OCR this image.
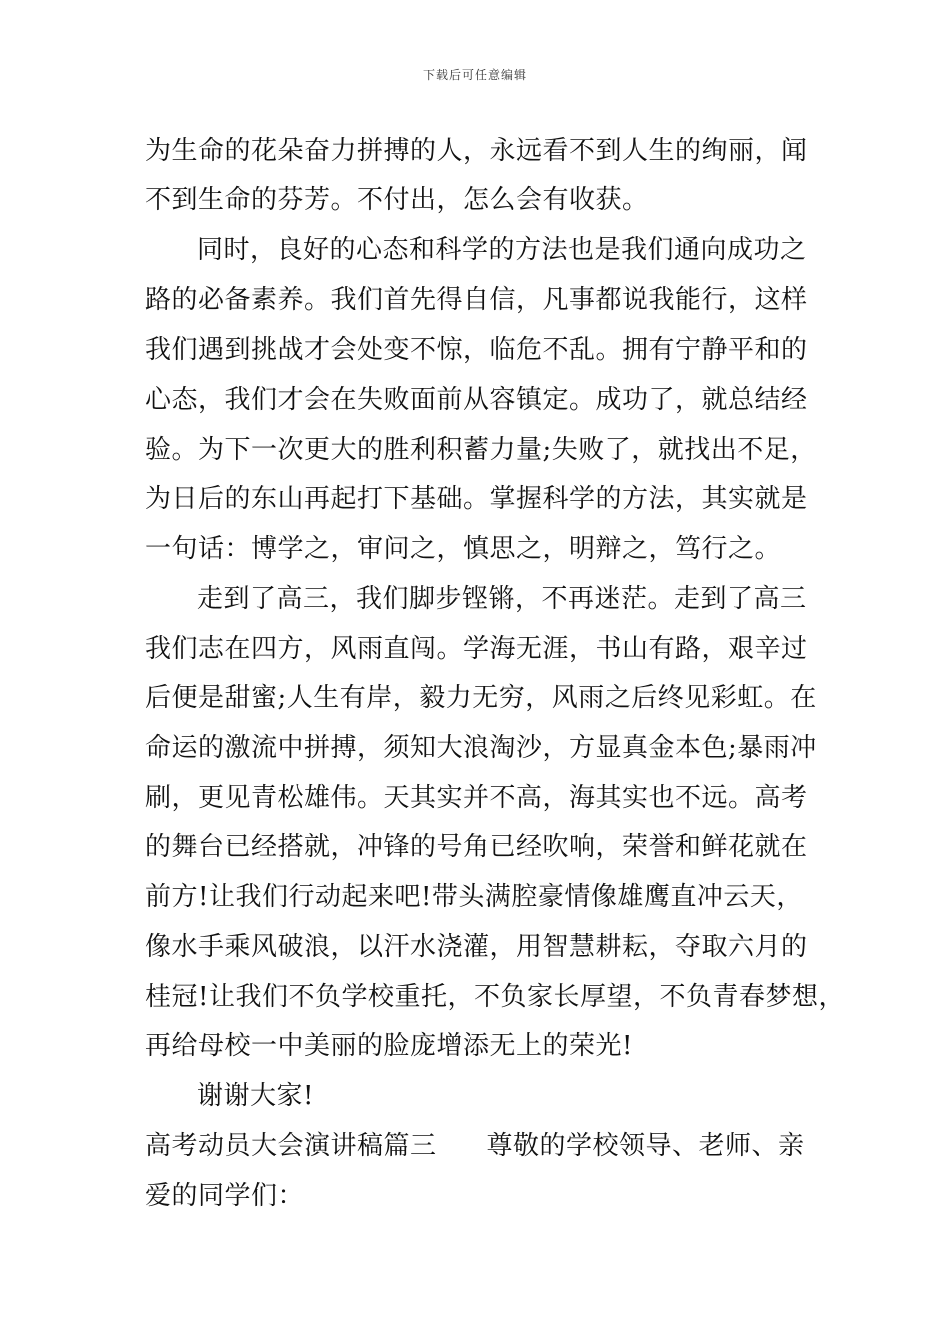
下载后可任意编辑
为生命的花朵奋力拼搏的人，永远看不到人生的绚丽，闻
不到生命的芬芳。不付出，怎么会有收获。
同时，良好的心态和科学的方法也是我们通向成功之
路的必备素养。我们首先得自信，凡事都说我能行，这样
我们遇到挑战才会处变不惊，临危不乱。拥有宁静平和的
心态，我们才会在失败面前从容镇定。成功了，就总结经
验。为下一次更大的胜利积蓄力量;失败了，就找出不足，
为日后的东山再起打下基础。掌握科学的方法，其实就是
一句话：博学之，审问之，慎思之，明辩之，笃行之。
走到了高三，我们脚步铿锵，不再迷茫。走到了高三
我们志在四方，风雨直闯。学海无涯，书山有路，艰辛过
后便是甜蜜;人生有岸，毅力无穷，风雨之后终见彩虹。在
命运的激流中拼搏，须知大浪淘沙，方显真金本色;暴雨冲
刷，更见青松雄伟。天其实并不高，海其实也不远。高考
的舞台已经搭就，冲锋的号角已经吹响，荣誉和鲜花就在
前方!让我们行动起来吧!带头满腔豪情像雄鹰直冲云天，
像水手乘风破浪，以汗水浇灌，用智慧耕耘，夺取六月的
桂冠!让我们不负学校重托，不负家长厚望，不负青春梦想，
再给母校一中美丽的脸庞增添无上的荣光!
谢谢大家!
高考动员大会演讲稿篇三 尊敬的学校领导、老师、亲
爱的同学们：
